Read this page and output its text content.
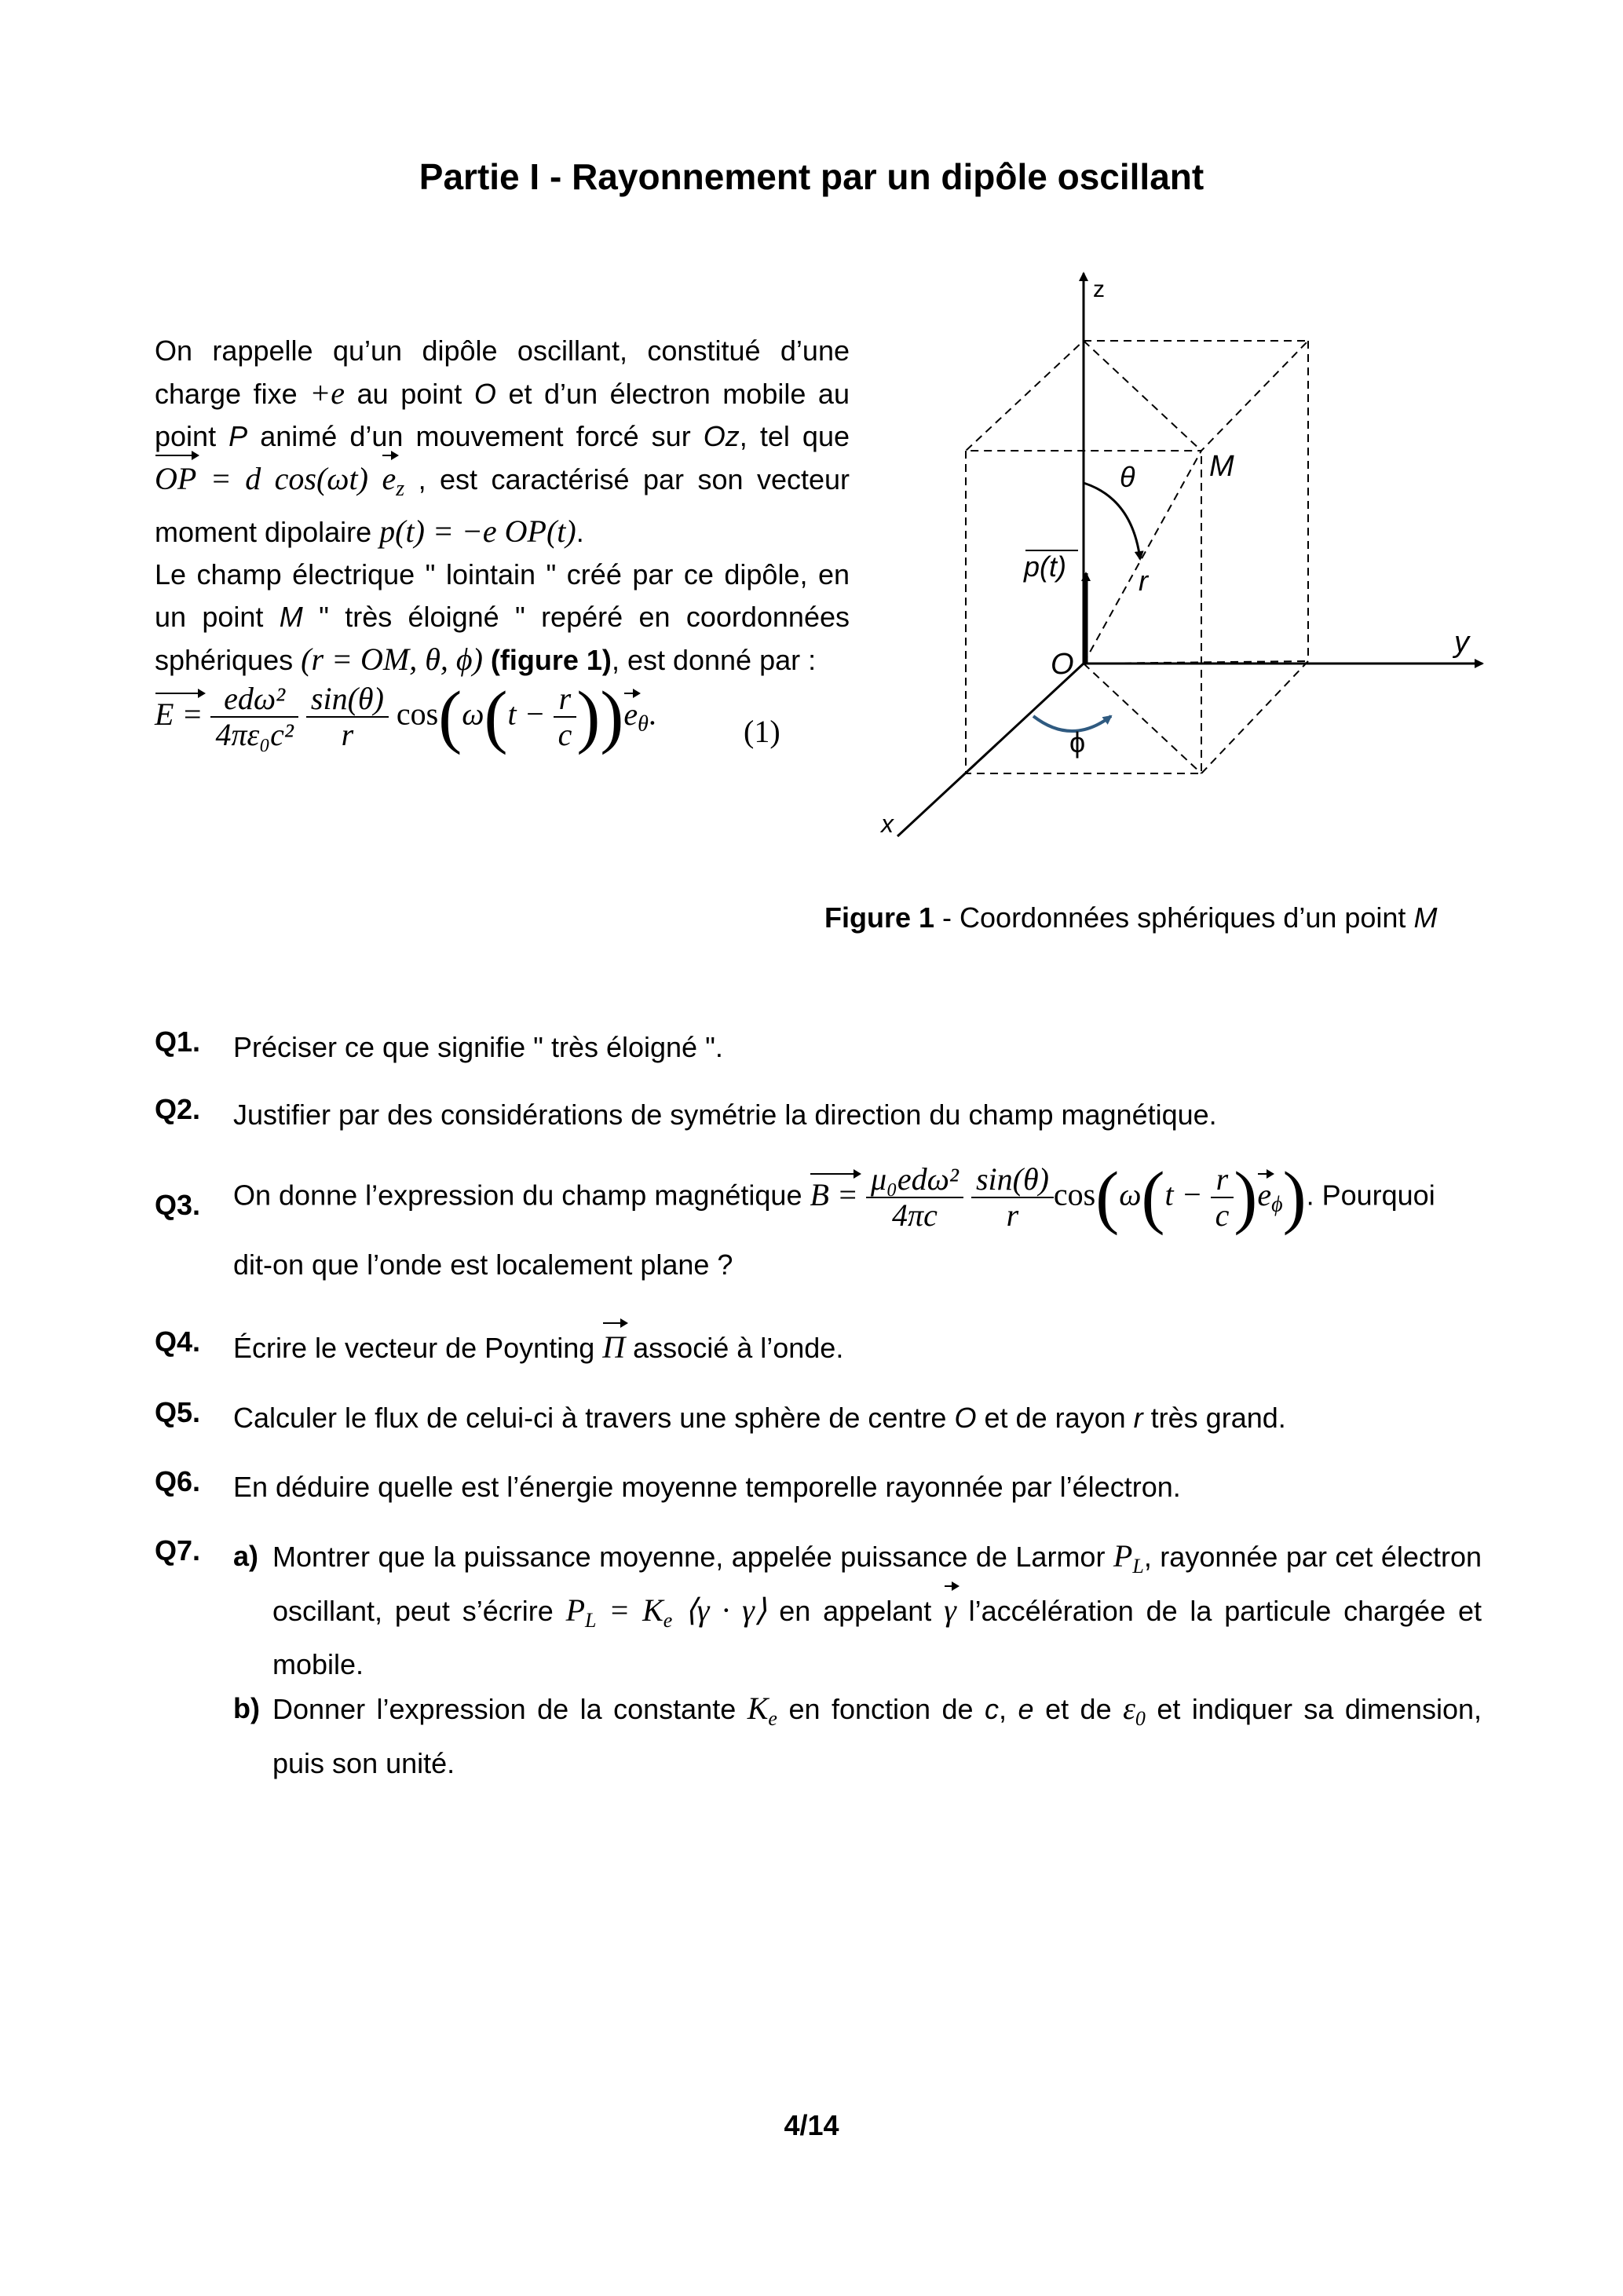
Partie I - Rayonnement par un dipôle oscillant

On rappelle qu’un dipôle oscillant, constitué d’une charge fixe +e au point O et d’un électron mobile au point P animé d’un mouvement forcé sur Oz, tel que OP = d cos(ωt) $e_z$ , est caractérisé par son vecteur moment dipolaire p(t) = −e OP(t).

Le champ électrique " lointain " créé par ce dipôle, en un point M " très éloigné " repéré en coordonnées sphériques (r = OM, θ, ϕ) (figure 1), est donné par :

$E = \frac{\text{edω²}}{\text{4πε₀c²}}$
$\frac{\sin(\theta)}{r} \cos(\omega(t - \frac{r}{c} ))e_\theta$.	(1)
z
y
x
O
M
θ
ϕ
r
p(t)
Figure 1 - Coordonnées sphériques d’un point M
Q1. Préciser ce que signifie " très éloigné ".
Q2. Justifier par des considérations de symétrie la direction du champ magnétique.
Q3. On donne l’expression du champ magnétique $B = \frac{\text{μ₀edω²}}{4\pi c}$
$\frac{\sin(\theta)}{r} \cos(\omega(t - \frac{r}{c} )e_\phi)$. Pourquoi
dit-on que l’onde est localement plane ?
Q4. Écrire le vecteur de Poynting Π associé à l’onde.
Q5. Calculer le flux de celui-ci à travers une sphère de centre O et de rayon r très grand.
Q6. En déduire quelle est l’énergie moyenne temporelle rayonnée par l’électron.
Q7. a) Montrer que la puissance moyenne, appelée puissance de Larmor $P_L$, rayonnée par cet électron oscillant, peut s’écrire $P_L = K_e$ ⟨γ · γ⟩ en appelant γ l’accélération de la particule chargée et mobile.
b) Donner l’expression de la constante $K_e$ en fonction de c, e et de $\varepsilon_0$ et indiquer sa dimension, puis son unité.
4/14
